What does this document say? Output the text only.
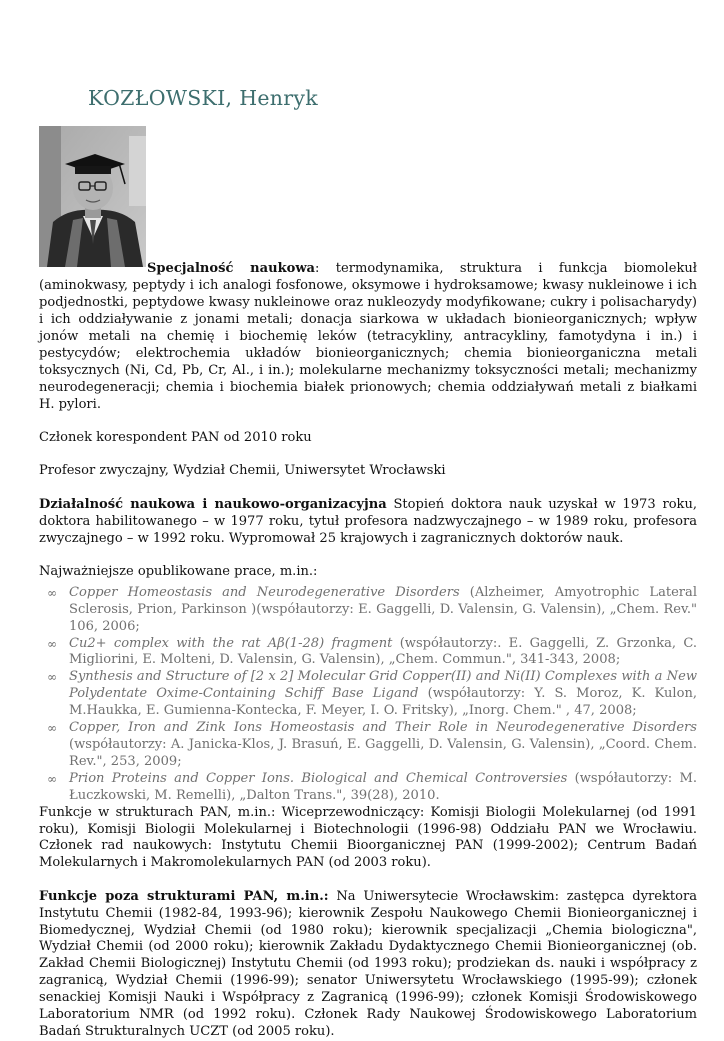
KOZŁOWSKI, Henryk

Specjalność naukowa: termodynamika, struktura i funkcja biomolekuł (aminokwasy, peptydy i ich analogi fosfonowe, oksymowe i hydroksamowe; kwasy nukleinowe i ich podjednostki, peptydowe kwasy nukleinowe oraz nukleozydy modyfikowane; cukry i polisacharydy) i ich oddziaływanie z jonami metali; donacja siarkowa w układach bionieorganicznych; wpływ jonów metali na chemię i biochemię leków (tetracykliny, antracykliny, famotydyna i in.) i pestycydów; elektrochemia układów bionieorganicznych; chemia bionieorganiczna metali toksycznych (Ni, Cd, Pb, Cr, Al., i in.); molekularne mechanizmy toksyczności metali; mechanizmy neurodegeneracji; chemia i biochemia białek prionowych; chemia oddziaływań metali z białkami H. pylori.

Członek korespondent PAN od 2010 roku

Profesor zwyczajny, Wydział Chemii, Uniwersytet Wrocławski

Działalność naukowa i naukowo-organizacyjna Stopień doktora nauk uzyskał w 1973 roku, doktora habilitowanego – w 1977 roku, tytuł profesora nadzwyczajnego – w 1989 roku, profesora zwyczajnego – w 1992 roku. Wypromował 25 krajowych i zagranicznych doktorów nauk.

Najważniejsze opublikowane prace, m.in.:

∞ Copper Homeostasis and Neurodegenerative Disorders (Alzheimer, Amyotrophic Lateral Sclerosis, Prion, Parkinson )(współautorzy: E. Gaggelli, D. Valensin, G. Valensin), „Chem. Rev." 106, 2006;
∞ Cu2+ complex with the rat Aβ(1-28) fragment (współautorzy:. E. Gaggelli, Z. Grzonka, C. Migliorini, E. Molteni, D. Valensin, G. Valensin), „Chem. Commun.", 341-343, 2008;
∞ Synthesis and Structure of [2 x 2] Molecular Grid Copper(II) and Ni(II) Complexes with a New Polydentate Oxime-Containing Schiff Base Ligand (współautorzy: Y. S. Moroz, K. Kulon, M.Haukka, E. Gumienna-Kontecka, F. Meyer, I. O. Fritsky), „Inorg. Chem." , 47, 2008;
∞ Copper, Iron and Zink Ions Homeostasis and Their Role in Neurodegenerative Disorders (współautorzy: A. Janicka-Klos, J. Brasuń, E. Gaggelli, D. Valensin, G. Valensin), „Coord. Chem. Rev.", 253, 2009;
∞ Prion Proteins and Copper Ions. Biological and Chemical Controversies (współautorzy: M. Łuczkowski, M. Remelli), „Dalton Trans.", 39(28), 2010.

Funkcje w strukturach PAN, m.in.: Wiceprzewodniczący: Komisji Biologii Molekularnej (od 1991 roku), Komisji Biologii Molekularnej i Biotechnologii (1996-98) Oddziału PAN we Wrocławiu. Członek rad naukowych: Instytutu Chemii Bioorganicznej PAN (1999-2002); Centrum Badań Molekularnych i Makromolekularnych PAN (od 2003 roku).

Funkcje poza strukturami PAN, m.in.: Na Uniwersytecie Wrocławskim: zastępca dyrektora Instytutu Chemii (1982-84, 1993-96); kierownik Zespołu Naukowego Chemii Bionieorganicznej i Biomedycznej, Wydział Chemii (od 1980 roku); kierownik specjalizacji „Chemia biologiczna", Wydział Chemii (od 2000 roku); kierownik Zakładu Dydaktycznego Chemii Bionieorganicznej (ob. Zakład Chemii Biologicznej) Instytutu Chemii (od 1993 roku); prodziekan ds. nauki i współpracy z zagranicą, Wydział Chemii (1996-99); senator Uniwersytetu Wrocławskiego (1995-99); członek senackiej Komisji Nauki i Współpracy z Zagranicą (1996-99); członek Komisji Środowiskowego Laboratorium NMR (od 1992 roku). Członek Rady Naukowej Środowiskowego Laboratorium Badań Strukturalnych UCZT (od 2005 roku).
